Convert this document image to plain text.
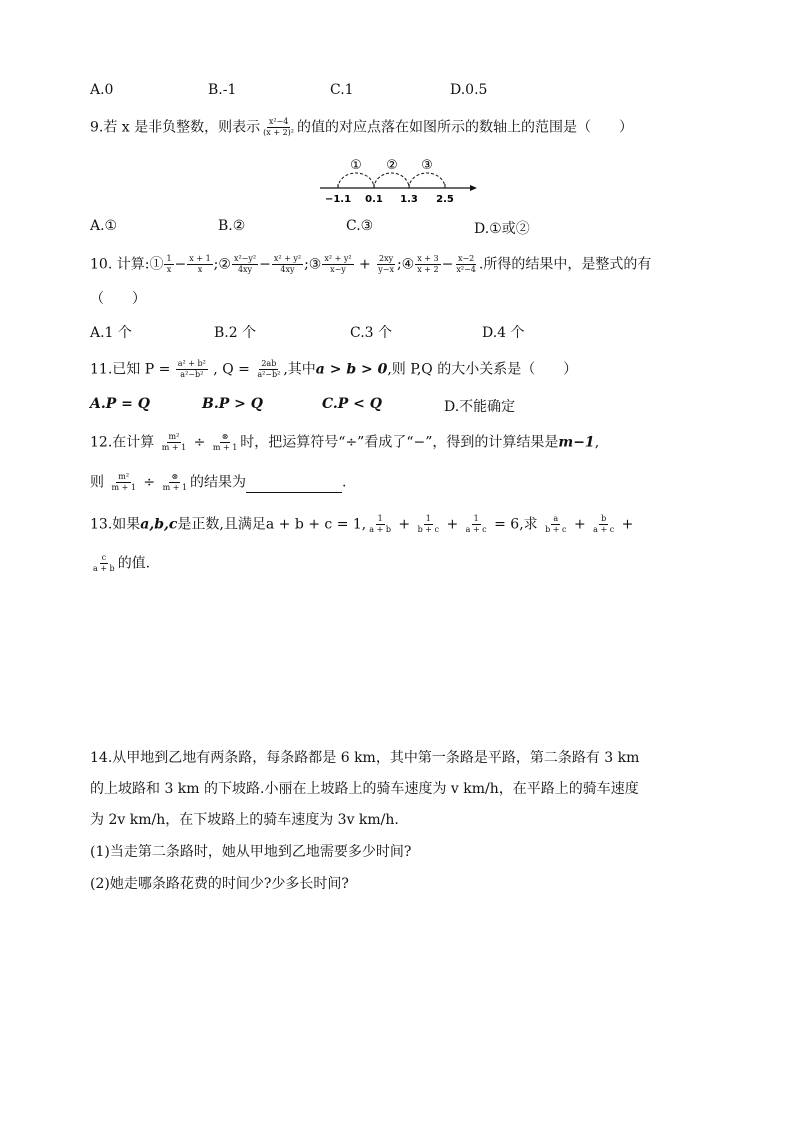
A.0	B.-1	C.1	D.0.5
9.若 x 是非负整数，则表示 $\frac{\text{x²−4}}{\text{(x + 2)²}}$ 的值的对应点落在如图所示的数轴上的范围是（　　）
① ② ③
−1.1 0.1 1.3 2.5
A.①	B.②	C.③	D.①或②
10. 计算:① $\frac{1}{x} - \frac{x + 1}{x}$ ;② $\frac{\text{x²−y²}}{4xy} - \frac{\text{x² + y²}}{4xy}$ ;③ $\frac{\text{x² + y²}}{x-y} + \frac{2xy}{y-x}$ ;④ $\frac{x + 3}{x + 2} - \frac{x-2}{\text{x²−4}}$ .所得的结果中，是整式的有
（　　）
A.1 个	B.2 个	C.3 个	D.4 个
11.已知 $P = \frac{\text{a² + b²}}{\text{a²−b²}}$ , $Q = \frac{2ab}{\text{a²−b²}}$ ,其中a > b > 0,则 P,Q 的大小关系是（　　）
A.P = Q	B.P > Q	C.P < Q	D.不能确定
12.在计算 $\frac{\text{m²}}{m + 1} \div \frac{\otimes}{m + 1}$ 时，把运算符号“÷”看成了“−”，得到的计算结果是m−1,
则 $\frac{\text{m²}}{m + 1} \div \frac{\otimes}{m + 1}$ 的结果为	.
13.如果a,b,c是正数,且满足a + b + c = 1, $\frac{1}{a + b} + \frac{1}{b + c} + \frac{1}{a + c} = 6$,求 $\frac{a}{b + c} + \frac{b}{a + c}$ +
$\frac{c}{a + b}$ 的值.
14.从甲地到乙地有两条路，每条路都是 6 km，其中第一条路是平路，第二条路有 3 km
的上坡路和 3 km 的下坡路.小丽在上坡路上的骑车速度为 v km/h，在平路上的骑车速度
为 2v km/h，在下坡路上的骑车速度为 3v km/h.
(1)当走第二条路时，她从甲地到乙地需要多少时间?
(2)她走哪条路花费的时间少?少多长时间?
